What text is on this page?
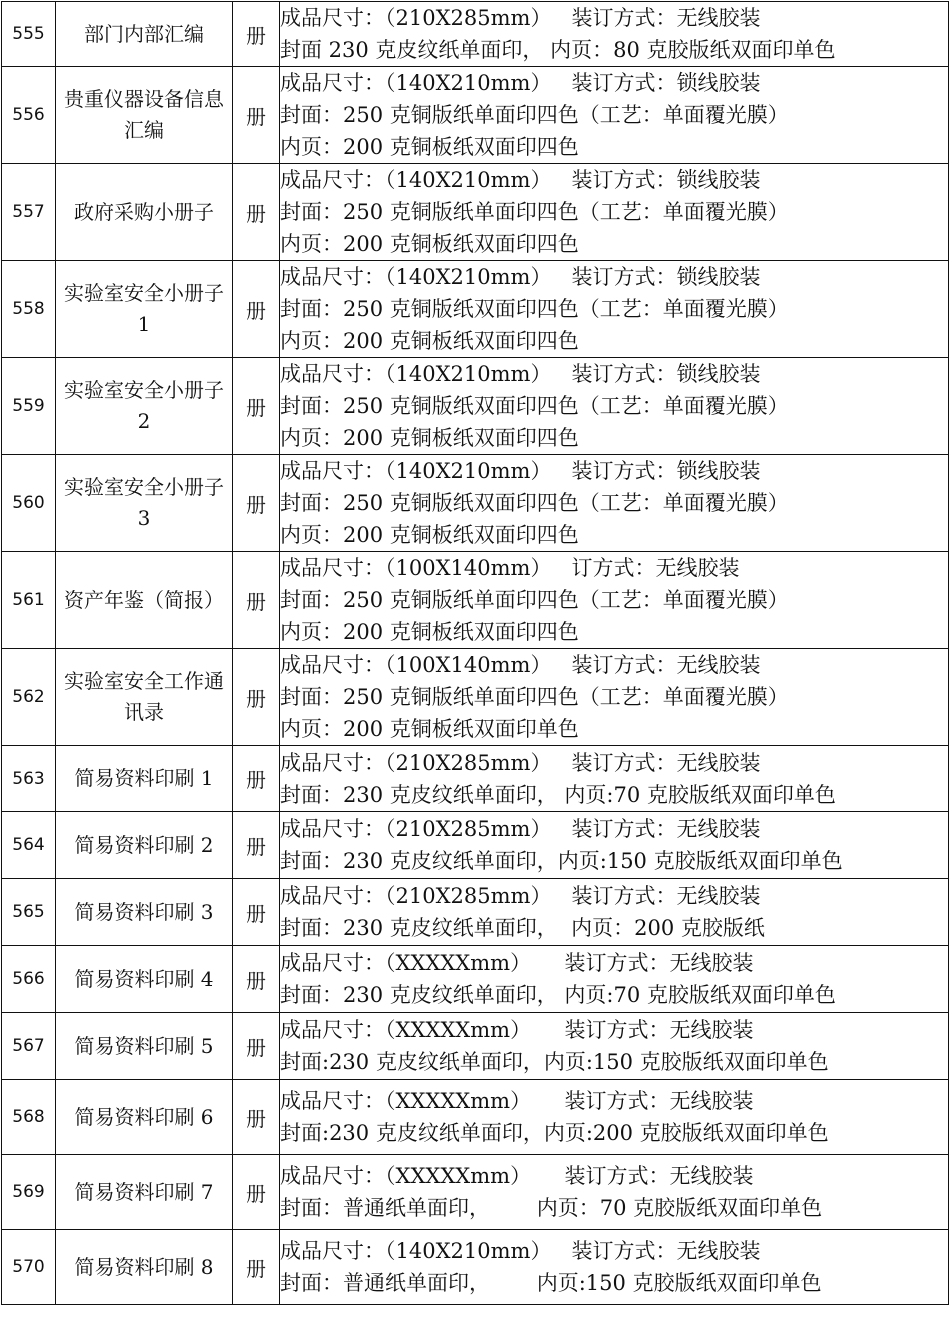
555	部门内部汇编	册	成品尺寸：（210X285mm）   装订方式：无线胶装
封面 230 克皮纹纸单面印， 内页：80 克胶版纸双面印单色

556	贵重仪器设备信息汇编	册	成品尺寸：（140X210mm）   装订方式：锁线胶装
封面：250 克铜版纸单面印四色（工艺：单面覆光膜）
内页：200 克铜板纸双面印四色

557	政府采购小册子	册	成品尺寸：（140X210mm）   装订方式：锁线胶装
封面：250 克铜版纸单面印四色（工艺：单面覆光膜）
内页：200 克铜板纸双面印四色

558	实验室安全小册子 1	册	成品尺寸：（140X210mm）   装订方式：锁线胶装
封面：250 克铜版纸双面印四色（工艺：单面覆光膜）
内页：200 克铜板纸双面印四色

559	实验室安全小册子 2	册	成品尺寸：（140X210mm）   装订方式：锁线胶装
封面：250 克铜版纸双面印四色（工艺：单面覆光膜）
内页：200 克铜板纸双面印四色

560	实验室安全小册子 3	册	成品尺寸：（140X210mm）   装订方式：锁线胶装
封面：250 克铜版纸双面印四色（工艺：单面覆光膜）
内页：200 克铜板纸双面印四色

561	资产年鉴（简报）	册	成品尺寸：（100X140mm）   订方式：无线胶装
封面：250 克铜版纸单面印四色（工艺：单面覆光膜）
内页：200 克铜板纸双面印四色

562	实验室安全工作通讯录	册	成品尺寸：（100X140mm）   装订方式：无线胶装
封面：250 克铜版纸单面印四色（工艺：单面覆光膜）
内页：200 克铜板纸双面印单色

563	简易资料印刷 1	册	成品尺寸：（210X285mm）   装订方式：无线胶装
封面：230 克皮纹纸单面印， 内页:70 克胶版纸双面印单色

564	简易资料印刷 2	册	成品尺寸：（210X285mm）   装订方式：无线胶装
封面：230 克皮纹纸单面印，内页:150 克胶版纸双面印单色

565	简易资料印刷 3	册	成品尺寸：（210X285mm）   装订方式：无线胶装
封面：230 克皮纹纸单面印，  内页：200 克胶版纸

566	简易资料印刷 4	册	成品尺寸：（XXXXXmm）     装订方式：无线胶装
封面：230 克皮纹纸单面印， 内页:70 克胶版纸双面印单色

567	简易资料印刷 5	册	成品尺寸：（XXXXXmm）     装订方式：无线胶装
封面:230 克皮纹纸单面印，内页:150 克胶版纸双面印单色

568	简易资料印刷 6	册	成品尺寸：（XXXXXmm）     装订方式：无线胶装
封面:230 克皮纹纸单面印，内页:200 克胶版纸双面印单色

569	简易资料印刷 7	册	成品尺寸：（XXXXXmm）     装订方式：无线胶装
封面：普通纸单面印，       内页：70 克胶版纸双面印单色

570	简易资料印刷 8	册	成品尺寸：（140X210mm）   装订方式：无线胶装
封面：普通纸单面印，       内页:150 克胶版纸双面印单色
